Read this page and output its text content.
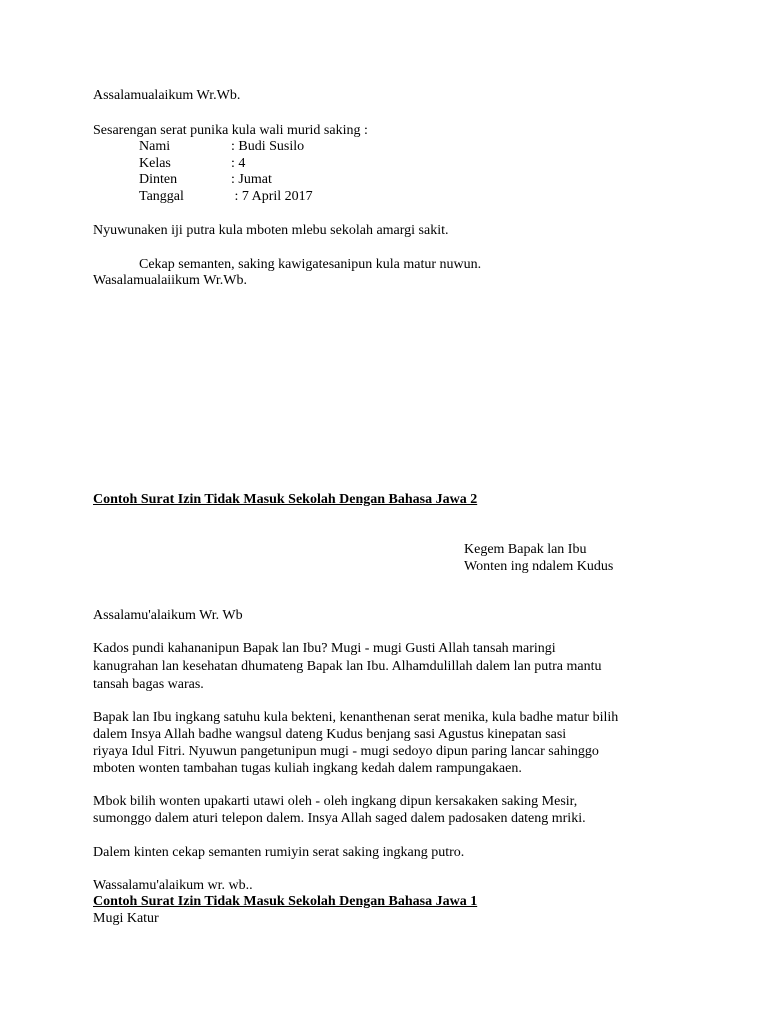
Assalamualaikum Wr.Wb.
Sesarengan serat punika kula wali murid saking :
Nami	: Budi Susilo
Kelas	: 4
Dinten	: Jumat
Tanggal	: 7 April 2017
Nyuwunaken iji putra kula mboten mlebu sekolah amargi sakit.
Cekap semanten, saking kawigatesanipun kula matur nuwun.
Wasalamualaiikum Wr.Wb.
Contoh Surat Izin Tidak Masuk Sekolah Dengan Bahasa Jawa 2
Kegem Bapak lan Ibu
Wonten ing ndalem Kudus
Assalamu'alaikum Wr. Wb
Kados pundi kahananipun Bapak lan Ibu? Mugi - mugi Gusti Allah tansah maringi
kanugrahan lan kesehatan dhumateng Bapak lan Ibu. Alhamdulillah dalem lan putra mantu
tansah bagas waras.
Bapak lan Ibu ingkang satuhu kula bekteni, kenanthenan serat menika, kula badhe matur bilih
dalem Insya Allah badhe wangsul dateng Kudus benjang sasi Agustus kinepatan sasi
riyaya Idul Fitri. Nyuwun pangetunipun mugi - mugi sedoyo dipun paring lancar sahinggo
mboten wonten tambahan tugas kuliah ingkang kedah dalem rampungakaen.
Mbok bilih wonten upakarti utawi oleh - oleh ingkang dipun kersakaken saking Mesir,
sumonggo dalem aturi telepon dalem. Insya Allah saged dalem padosaken dateng mriki.
Dalem kinten cekap semanten rumiyin serat saking ingkang putro.
Wassalamu'alaikum wr. wb..
Contoh Surat Izin Tidak Masuk Sekolah Dengan Bahasa Jawa 1
Mugi Katur
